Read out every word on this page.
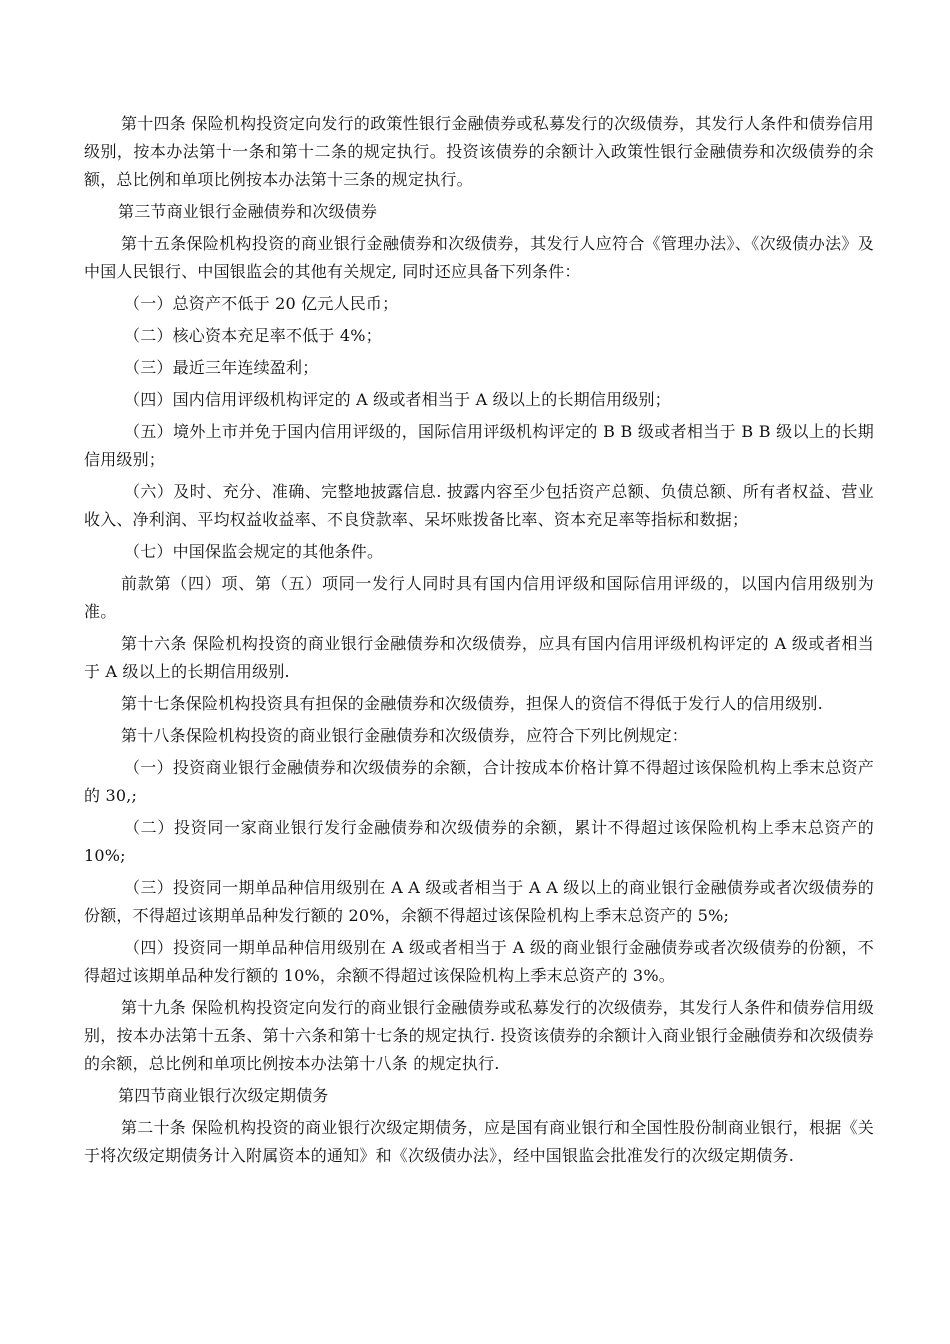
第十四条 保险机构投资定向发行的政策性银行金融债券或私募发行的次级债券，其发行人条件和债券信用级别，按本办法第十一条和第十二条的规定执行。投资该债券的余额计入政策性银行金融债券和次级债券的余额，总比例和单项比例按本办法第十三条的规定执行。

第三节商业银行金融债券和次级债券

第十五条保险机构投资的商业银行金融债券和次级债券，其发行人应符合《管理办法》、《次级债办法》及中国人民银行、中国银监会的其他有关规定, 同时还应具备下列条件：

（一）总资产不低于 20 亿元人民币；

（二）核心资本充足率不低于 4%；

（三）最近三年连续盈利；

（四）国内信用评级机构评定的 A 级或者相当于 A 级以上的长期信用级别；

（五）境外上市并免于国内信用评级的，国际信用评级机构评定的 B B 级或者相当于 B B 级以上的长期信用级别；

（六）及时、充分、准确、完整地披露信息. 披露内容至少包括资产总额、负债总额、所有者权益、营业收入、净利润、平均权益收益率、不良贷款率、呆坏账拨备比率、资本充足率等指标和数据；

（七）中国保监会规定的其他条件。

前款第（四）项、第（五）项同一发行人同时具有国内信用评级和国际信用评级的，以国内信用级别为准。

第十六条 保险机构投资的商业银行金融债券和次级债券，应具有国内信用评级机构评定的 A 级或者相当于 A 级以上的长期信用级别.

第十七条保险机构投资具有担保的金融债券和次级债券，担保人的资信不得低于发行人的信用级别.

第十八条保险机构投资的商业银行金融债券和次级债券，应符合下列比例规定：

（一）投资商业银行金融债券和次级债券的余额，合计按成本价格计算不得超过该保险机构上季末总资产的 30,;

（二）投资同一家商业银行发行金融债券和次级债券的余额，累计不得超过该保险机构上季末总资产的 10%;

（三）投资同一期单品种信用级别在 A A 级或者相当于 A A 级以上的商业银行金融债券或者次级债券的份额，不得超过该期单品种发行额的 20%，余额不得超过该保险机构上季末总资产的 5%;

（四）投资同一期单品种信用级别在 A 级或者相当于 A 级的商业银行金融债券或者次级债券的份额，不得超过该期单品种发行额的 10%，余额不得超过该保险机构上季末总资产的 3%。

第十九条 保险机构投资定向发行的商业银行金融债券或私募发行的次级债券，其发行人条件和债券信用级别，按本办法第十五条、第十六条和第十七条的规定执行. 投资该债券的余额计入商业银行金融债券和次级债券的余额，总比例和单项比例按本办法第十八条 的规定执行.

第四节商业银行次级定期债务

第二十条 保险机构投资的商业银行次级定期债务，应是国有商业银行和全国性股份制商业银行，根据《关于将次级定期债务计入附属资本的通知》和《次级债办法》，经中国银监会批准发行的次级定期债务.
